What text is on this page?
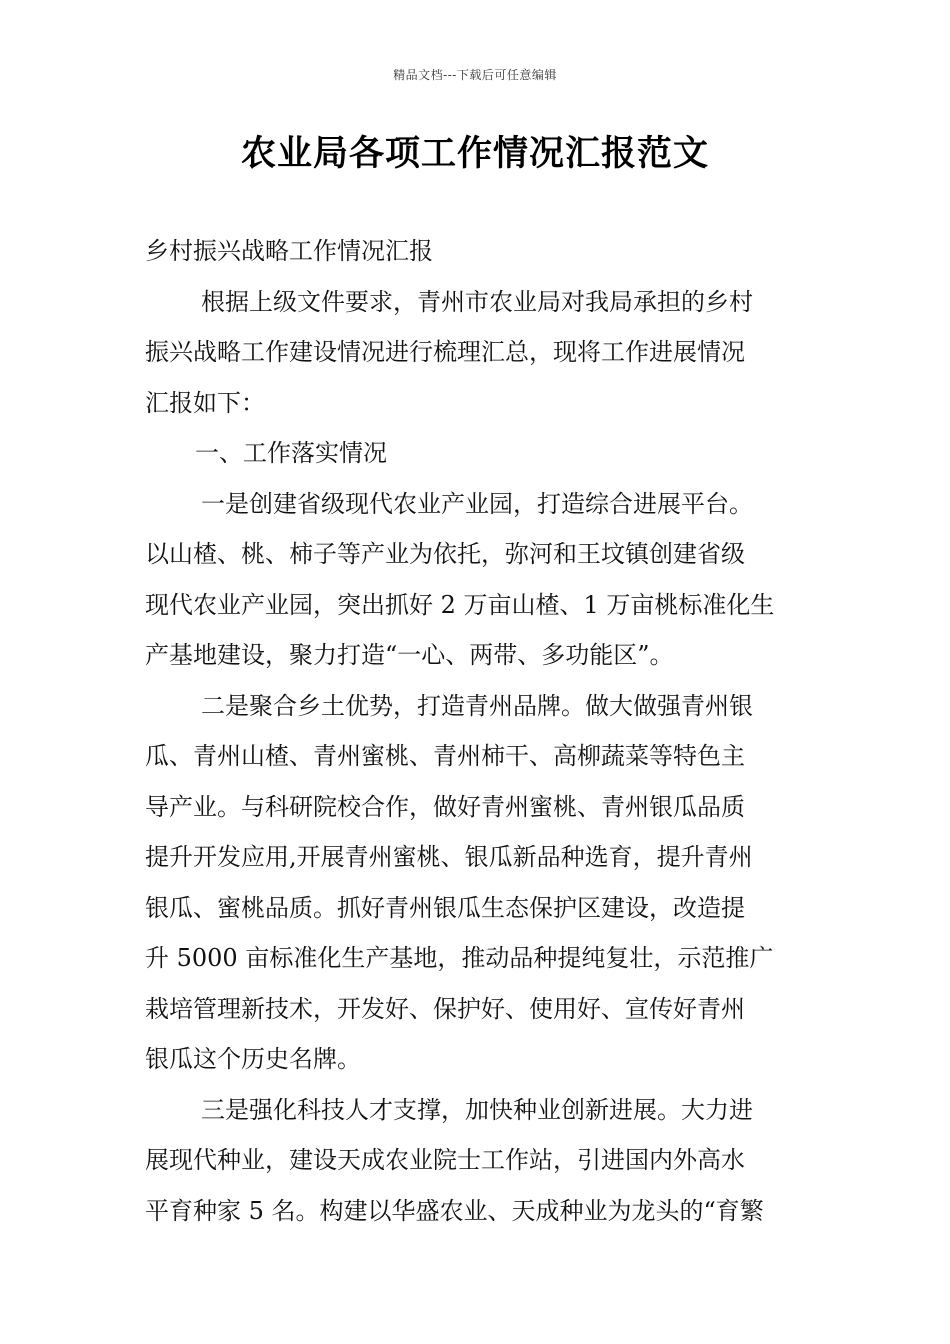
精品文档---下载后可任意编辑
农业局各项工作情况汇报范文
乡村振兴战略工作情况汇报
根据上级文件要求，青州市农业局对我局承担的乡村
振兴战略工作建设情况进行梳理汇总，现将工作进展情况
汇报如下：
一、工作落实情况
一是创建省级现代农业产业园，打造综合进展平台。
以山楂、桃、柿子等产业为依托，弥河和王坟镇创建省级
现代农业产业园，突出抓好 2 万亩山楂、1 万亩桃标准化生
产基地建设，聚力打造“一心、两带、多功能区”。
二是聚合乡土优势，打造青州品牌。做大做强青州银
瓜、青州山楂、青州蜜桃、青州柿干、高柳蔬菜等特色主
导产业。与科研院校合作，做好青州蜜桃、青州银瓜品质
提升开发应用,开展青州蜜桃、银瓜新品种选育，提升青州
银瓜、蜜桃品质。抓好青州银瓜生态保护区建设，改造提
升 5000 亩标准化生产基地，推动品种提纯复壮，示范推广
栽培管理新技术，开发好、保护好、使用好、宣传好青州
银瓜这个历史名牌。
三是强化科技人才支撑，加快种业创新进展。大力进
展现代种业，建设天成农业院士工作站，引进国内外高水
平育种家 5 名。构建以华盛农业、天成种业为龙头的“育繁
